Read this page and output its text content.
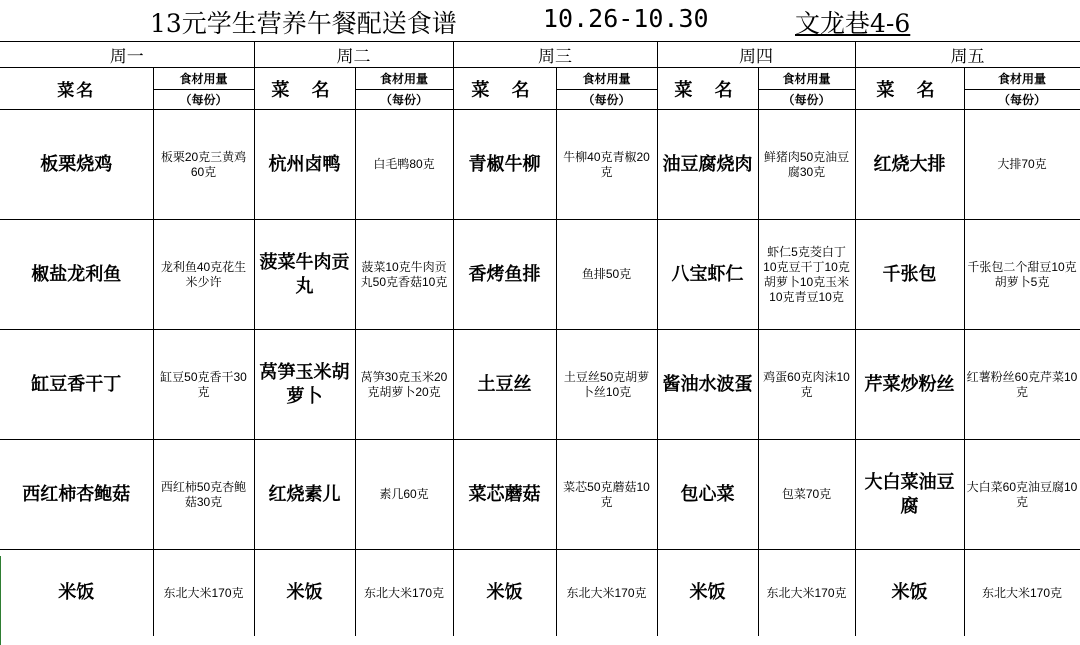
13元学生营养午餐配送食谱	10.26-10.30	文龙巷4-6
周一		周二		周三		周四		周五	
菜名	食材用量	菜 名	食材用量	菜 名	食材用量	菜 名	食材用量	菜 名	食材用量
	（每份）		（每份）		（每份）		（每份）		（每份）
板栗烧鸡	板栗20克三黄鸡60克	杭州卤鸭	白毛鸭80克	青椒牛柳	牛柳40克青椒20克	油豆腐烧肉	鲜猪肉50克油豆腐30克	红烧大排	大排70克
椒盐龙利鱼	龙利鱼40克花生米少许	菠菜牛肉贡丸	菠菜10克牛肉贡丸50克香菇10克	香烤鱼排	鱼排50克	八宝虾仁	虾仁5克茭白丁10克豆干丁10克胡萝卜10克玉米10克青豆10克	千张包	千张包二个甜豆10克胡萝卜5克
缸豆香干丁	缸豆50克香干30克	莴笋玉米胡萝卜	莴笋30克玉米20克胡萝卜20克	土豆丝	土豆丝50克胡萝卜丝10克	酱油水波蛋	鸡蛋60克肉沫10克	芹菜炒粉丝	红薯粉丝60克芹菜10克
西红柿杏鲍菇	西红柿50克杏鲍菇30克	红烧素儿	素几60克	菜芯蘑菇	菜芯50克蘑菇10克	包心菜	包菜70克	大白菜油豆腐	大白菜60克油豆腐10克
米饭	东北大米170克	米饭	东北大米170克	米饭	东北大米170克	米饭	东北大米170克	米饭	东北大米170克
